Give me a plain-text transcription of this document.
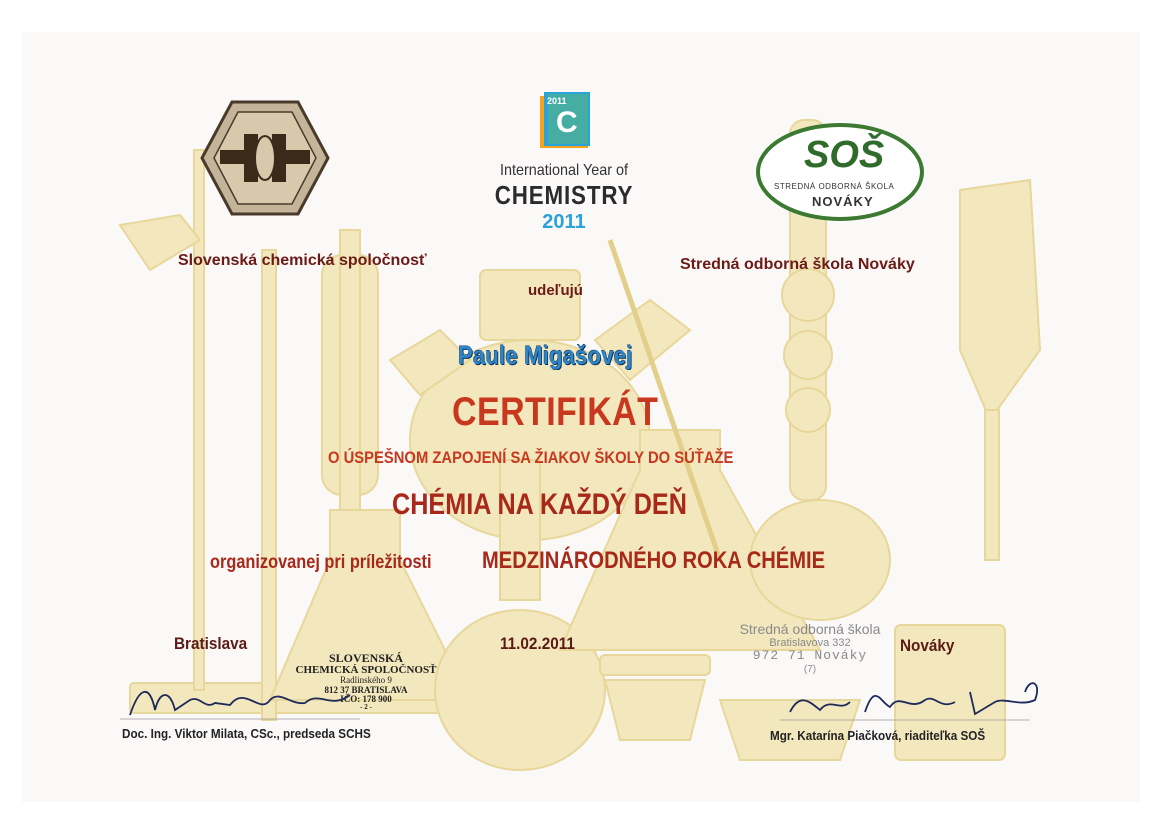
2011
C
International Year of
CHEMISTRY
2011
SOŠ
STREDNÁ ODBORNÁ ŠKOLA
NOVÁKY
Slovenská chemická spoločnosť	Stredná odborná škola Nováky
udeľujú
Paule Migašovej
CERTIFIKÁT
O ÚSPEŠNOM ZAPOJENÍ SA ŽIAKOV ŠKOLY DO SÚŤAŽE
CHÉMIA NA KAŽDÝ DEŇ
organizovanej pri príležitosti MEDZINÁRODNÉHO ROKA CHÉMIE
Bratislava	11.02.2011	Nováky
SLOVENSKÁ
CHEMICKÁ SPOLOČNOSŤ
Radlinského 9
812 37 BRATISLAVA
IČO: 178 900
- 2 -
Stredná odborná škola
Bratislavova 332
972 71 Nováky
(7)
Doc. Ing. Viktor Milata, CSc., predseda SCHS	Mgr. Katarína Piačková, riaditeľka SOŠ
